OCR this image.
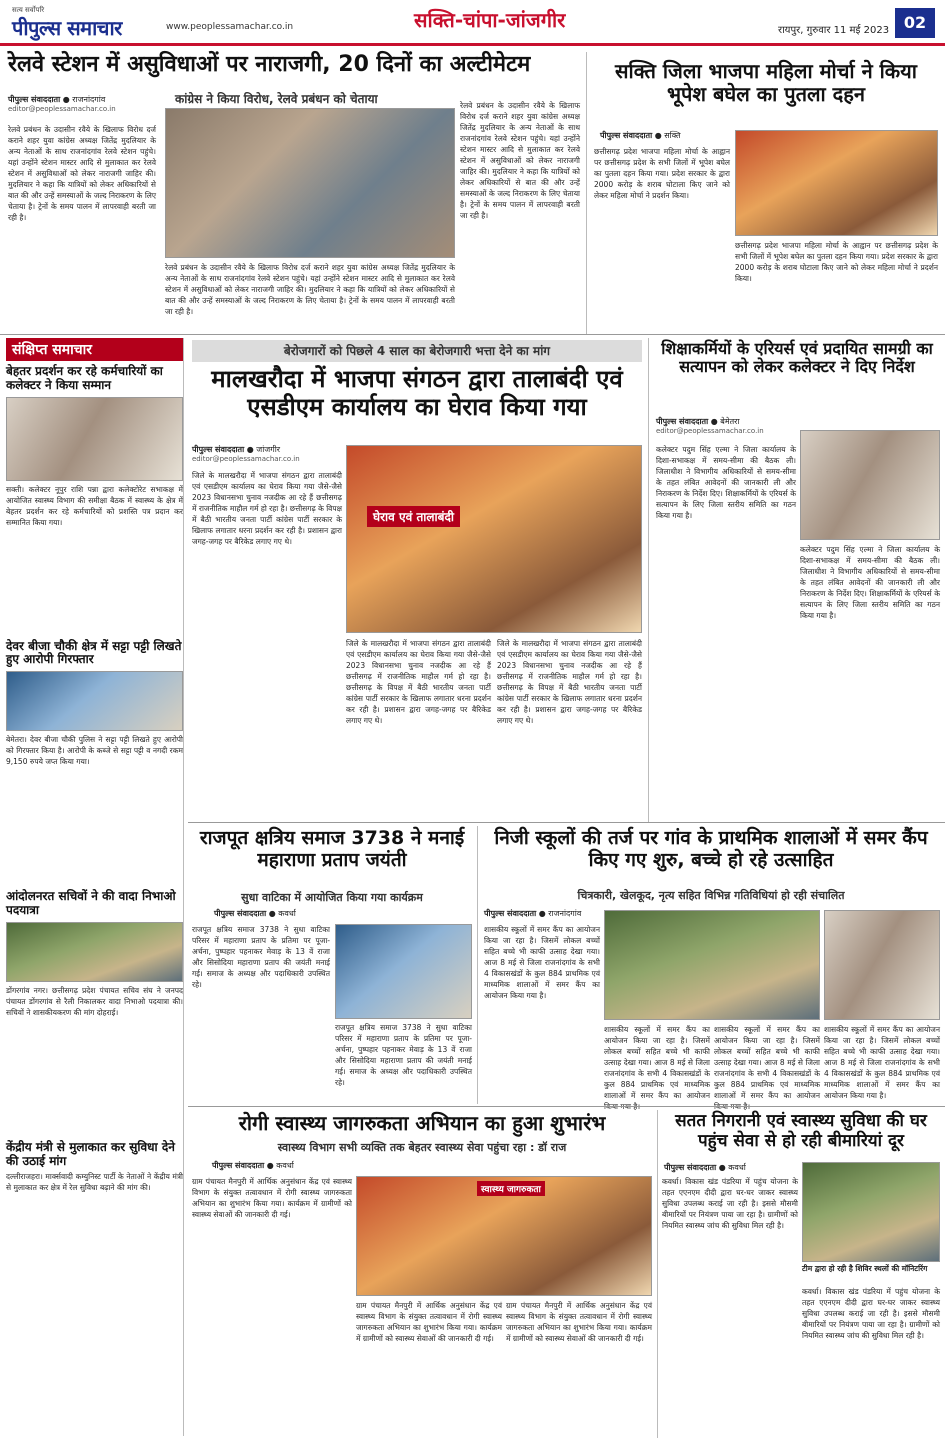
सत्य सर्वोपरि
पीपुल्स समाचार	www.peoplessamachar.co.in	सक्ति-चांपा-जांजगीर	रायपुर, गुरुवार 11 मई 2023 02
रेलवे स्टेशन में असुविधाओं पर नाराजगी, 20 दिनों का अल्टीमेटम
कांग्रेस ने किया विरोध, रेलवे प्रबंधन को चेताया
पीपुल्स संवाददाता ● राजनांदगांव
editor@peoplessamachar.co.in
रेलवे प्रबंधन के उदासीन रवैये के खिलाफ विरोध दर्ज कराने शहर युवा कांग्रेस अध्यक्ष जितेंद्र मुदलियार के अन्य नेताओं के साथ राजनांदगांव रेलवे स्टेशन पहुंचे। यहां उन्होंने स्टेशन मास्टर आदि से मुलाकात कर रेलवे स्टेशन में असुविधाओं को लेकर नाराजगी जाहिर की। मुदलियार ने कहा कि यात्रियों को लेकर अधिकारियों से बात की और उन्हें समस्याओं के जल्द निराकरण के लिए चेताया है। ट्रेनों के समय पालन में लापरवाही बरती जा रही है।
रेलवे प्रबंधन के उदासीन रवैये के खिलाफ विरोध दर्ज कराने शहर युवा कांग्रेस अध्यक्ष जितेंद्र मुदलियार के अन्य नेताओं के साथ राजनांदगांव रेलवे स्टेशन पहुंचे। यहां उन्होंने स्टेशन मास्टर आदि से मुलाकात कर रेलवे स्टेशन में असुविधाओं को लेकर नाराजगी जाहिर की। मुदलियार ने कहा कि यात्रियों को लेकर अधिकारियों से बात की और उन्हें समस्याओं के जल्द निराकरण के लिए चेताया है। ट्रेनों के समय पालन में लापरवाही बरती जा रही है।
रेलवे प्रबंधन के उदासीन रवैये के खिलाफ विरोध दर्ज कराने शहर युवा कांग्रेस अध्यक्ष जितेंद्र मुदलियार के अन्य नेताओं के साथ राजनांदगांव रेलवे स्टेशन पहुंचे। यहां उन्होंने स्टेशन मास्टर आदि से मुलाकात कर रेलवे स्टेशन में असुविधाओं को लेकर नाराजगी जाहिर की। मुदलियार ने कहा कि यात्रियों को लेकर अधिकारियों से बात की और उन्हें समस्याओं के जल्द निराकरण के लिए चेताया है। ट्रेनों के समय पालन में लापरवाही बरती जा रही है।
सक्ति जिला भाजपा महिला मोर्चा ने किया भूपेश बघेल का पुतला दहन
पीपुल्स संवाददाता ● सक्ति
छत्तीसगढ़ प्रदेश भाजपा महिला मोर्चा के आह्वान पर छत्तीसगढ़ प्रदेश के सभी जिलों में भूपेश बघेल का पुतला दहन किया गया। प्रदेश सरकार के द्वारा 2000 करोड़ के शराब घोटाला किए जाने को लेकर महिला मोर्चा ने प्रदर्शन किया।
छत्तीसगढ़ प्रदेश भाजपा महिला मोर्चा के आह्वान पर छत्तीसगढ़ प्रदेश के सभी जिलों में भूपेश बघेल का पुतला दहन किया गया। प्रदेश सरकार के द्वारा 2000 करोड़ के शराब घोटाला किए जाने को लेकर महिला मोर्चा ने प्रदर्शन किया।
संक्षिप्त समाचार
बेहतर प्रदर्शन कर रहे कर्मचारियों का कलेक्टर ने किया सम्मान
सक्ती। कलेक्टर नूपुर राशि पन्ना द्वारा कलेक्टोरेट सभाकक्ष में आयोजित स्वास्थ्य विभाग की समीक्षा बैठक में स्वास्थ्य के क्षेत्र में बेहतर प्रदर्शन कर रहे कर्मचारियों को प्रशस्ति पत्र प्रदान कर सम्मानित किया गया।
देवर बीजा चौकी क्षेत्र में सट्टा पट्टी लिखते हुए आरोपी गिरफ्तार
बेमेतरा। देवर बीजा चौकी पुलिस ने सट्टा पट्टी लिखते हुए आरोपी को गिरफ्तार किया है। आरोपी के कब्जे से सट्टा पट्टी व नगदी रकम 9,150 रुपये जप्त किया गया।
आंदोलनरत सचिवों ने की वादा निभाओ पदयात्रा
डोंगरगांव नगर। छत्तीसगढ़ प्रदेश पंचायत सचिव संघ ने जनपद पंचायत डोंगरगांव से रैली निकालकर वादा निभाओ पदयात्रा की। सचिवों ने शासकीयकरण की मांग दोहराई।
केंद्रीय मंत्री से मुलाकात कर सुविधा देने की उठाई मांग
दल्लीराजहरा। मार्क्सवादी कम्युनिस्ट पार्टी के नेताओं ने केंद्रीय मंत्री से मुलाकात कर क्षेत्र में रेल सुविधा बढ़ाने की मांग की।
बेरोजगारों को पिछले 4 साल का बेरोजगारी भत्ता देने का मांग
मालखरौदा में भाजपा संगठन द्वारा तालाबंदी एवं एसडीएम कार्यालय का घेराव किया गया
पीपुल्स संवाददाता ● जांजगीर
editor@peoplessamachar.co.in
जिले के मालखरौदा में भाजपा संगठन द्वारा तालाबंदी एवं एसडीएम कार्यालय का घेराव किया गया जैसे-जैसे 2023 विधानसभा चुनाव नजदीक आ रहे हैं छत्तीसगढ़ में राजनीतिक माहौल गर्म हो रहा है। छत्तीसगढ़ के विपक्ष में बैठी भारतीय जनता पार्टी कांग्रेस पार्टी सरकार के खिलाफ लगातार धरना प्रदर्शन कर रही है। प्रशासन द्वारा जगह-जगह पर बैरिकेड लगाए गए थे।
घेराव एवं तालाबंदी
जिले के मालखरौदा में भाजपा संगठन द्वारा तालाबंदी एवं एसडीएम कार्यालय का घेराव किया गया जैसे-जैसे 2023 विधानसभा चुनाव नजदीक आ रहे हैं छत्तीसगढ़ में राजनीतिक माहौल गर्म हो रहा है। छत्तीसगढ़ के विपक्ष में बैठी भारतीय जनता पार्टी कांग्रेस पार्टी सरकार के खिलाफ लगातार धरना प्रदर्शन कर रही है। प्रशासन द्वारा जगह-जगह पर बैरिकेड लगाए गए थे।
जिले के मालखरौदा में भाजपा संगठन द्वारा तालाबंदी एवं एसडीएम कार्यालय का घेराव किया गया जैसे-जैसे 2023 विधानसभा चुनाव नजदीक आ रहे हैं छत्तीसगढ़ में राजनीतिक माहौल गर्म हो रहा है। छत्तीसगढ़ के विपक्ष में बैठी भारतीय जनता पार्टी कांग्रेस पार्टी सरकार के खिलाफ लगातार धरना प्रदर्शन कर रही है। प्रशासन द्वारा जगह-जगह पर बैरिकेड लगाए गए थे।
शिक्षाकर्मियों के एरियर्स एवं प्रदायित सामग्री का सत्यापन को लेकर कलेक्टर ने दिए निर्देश
पीपुल्स संवाददाता ● बेमेतरा
editor@peoplessamachar.co.in
कलेक्टर पदुम सिंह एल्मा ने जिला कार्यालय के दिशा-सभाकक्ष में समय-सीमा की बैठक ली। जिलाधीश ने विभागीय अधिकारियों से समय-सीमा के तहत लंबित आवेदनों की जानकारी ली और निराकरण के निर्देश दिए। शिक्षाकर्मियों के एरियर्स के सत्यापन के लिए जिला स्तरीय समिति का गठन किया गया है।
कलेक्टर पदुम सिंह एल्मा ने जिला कार्यालय के दिशा-सभाकक्ष में समय-सीमा की बैठक ली। जिलाधीश ने विभागीय अधिकारियों से समय-सीमा के तहत लंबित आवेदनों की जानकारी ली और निराकरण के निर्देश दिए। शिक्षाकर्मियों के एरियर्स के सत्यापन के लिए जिला स्तरीय समिति का गठन किया गया है।
राजपूत क्षत्रिय समाज 3738 ने मनाई महाराणा प्रताप जयंती
सुधा वाटिका में आयोजित किया गया कार्यक्रम
पीपुल्स संवाददाता ● कवर्धा
राजपूत क्षत्रिय समाज 3738 ने सुधा वाटिका परिसर में महाराणा प्रताप के प्रतिमा पर पूजा-अर्चना, पुष्पहार पहनाकर मेवाड़ के 13 वें राजा और सिसोदिया महाराणा प्रताप की जयंती मनाई गई। समाज के अध्यक्ष और पदाधिकारी उपस्थित रहे।
राजपूत क्षत्रिय समाज 3738 ने सुधा वाटिका परिसर में महाराणा प्रताप के प्रतिमा पर पूजा-अर्चना, पुष्पहार पहनाकर मेवाड़ के 13 वें राजा और सिसोदिया महाराणा प्रताप की जयंती मनाई गई। समाज के अध्यक्ष और पदाधिकारी उपस्थित रहे।
निजी स्कूलों की तर्ज पर गांव के प्राथमिक शालाओं में समर कैंप किए गए शुरु, बच्चे हो रहे उत्साहित
चित्रकारी, खेलकूद, नृत्य सहित विभिन्न गतिविधियां हो रही संचालित
पीपुल्स संवाददाता ● राजनांदगांव
शासकीय स्कूलों में समर कैंप का आयोजन किया जा रहा है। जिसमें लोकल बच्चों सहित बच्चे भी काफी उत्साह देखा गया। आज 8 मई से जिला राजनांदगांव के सभी 4 विकासखंडों के कुल 884 प्राथमिक एवं माध्यमिक शालाओं में समर कैंप का आयोजन किया गया है।
शासकीय स्कूलों में समर कैंप का आयोजन किया जा रहा है। जिसमें लोकल बच्चों सहित बच्चे भी काफी उत्साह देखा गया। आज 8 मई से जिला राजनांदगांव के सभी 4 विकासखंडों के कुल 884 प्राथमिक एवं माध्यमिक शालाओं में समर कैंप का आयोजन
शासकीय स्कूलों में समर कैंप का आयोजन किया जा रहा है। जिसमें लोकल बच्चों सहित बच्चे भी काफी उत्साह देखा गया। आज 8 मई से जिला राजनांदगांव के सभी 4 विकासखंडों के कुल 884 प्राथमिक एवं माध्यमिक शालाओं में समर कैंप का आयोजन
शासकीय स्कूलों में समर कैंप का आयोजन किया जा रहा है। जिसमें लोकल बच्चों सहित बच्चे भी काफी उत्साह देखा गया। आज 8 मई से जिला राजनांदगांव के सभी 4 विकासखंडों के कुल 884 प्राथमिक एवं माध्यमिक शालाओं में समर कैंप का आयोजन किया गया है।
रोगी स्वास्थ्य जागरुकता अभियान का हुआ शुभारंभ
स्वास्थ्य विभाग सभी व्यक्ति तक बेहतर स्वास्थ्य सेवा पहुंचा रहा : डॉ राज
पीपुल्स संवाददाता ● कवर्धा
ग्राम पंचायत मैनपुरी में आर्थिक अनुसंधान केंद्र एवं स्वास्थ्य विभाग के संयुक्त तत्वावधान में रोगी स्वास्थ्य जागरुकता अभियान का शुभारंभ किया गया। कार्यक्रम में ग्रामीणों को स्वास्थ्य सेवाओं की जानकारी दी गई।
स्वास्थ्य जागरुकता
ग्राम पंचायत मैनपुरी में आर्थिक अनुसंधान केंद्र एवं स्वास्थ्य विभाग के संयुक्त तत्वावधान में रोगी स्वास्थ्य जागरुकता अभियान का शुभारंभ किया गया। कार्यक्रम में ग्रामीणों को स्वास्थ्य सेवाओं की जानकारी दी गई।
ग्राम पंचायत मैनपुरी में आर्थिक अनुसंधान केंद्र एवं स्वास्थ्य विभाग के संयुक्त तत्वावधान में रोगी स्वास्थ्य जागरुकता अभियान का शुभारंभ किया गया। कार्यक्रम में ग्रामीणों को स्वास्थ्य सेवाओं की जानकारी दी गई।
सतत निगरानी एवं स्वास्थ्य सुविधा की घर पहुंच सेवा से हो रही बीमारियां दूर
पीपुल्स संवाददाता ● कवर्धा
कवर्धा। विकास खंड पंडरिया में पहुंच योजना के तहत एएनएम दीदी द्वारा घर-घर जाकर स्वास्थ्य सुविधा उपलब्ध कराई जा रही है। इससे मौसमी बीमारियों पर नियंत्रण पाया जा रहा है। ग्रामीणों को नियमित स्वास्थ्य जांच की सुविधा मिल रही है।
टीम द्वारा हो रही है शिविर स्थलों की मॉनिटरिंग
कवर्धा। विकास खंड पंडरिया में पहुंच योजना के तहत एएनएम दीदी द्वारा घर-घर जाकर स्वास्थ्य सुविधा उपलब्ध कराई जा रही है। इससे मौसमी बीमारियों पर नियंत्रण पाया जा रहा है। ग्रामीणों को नियमित स्वास्थ्य जांच की सुविधा मिल रही है।
